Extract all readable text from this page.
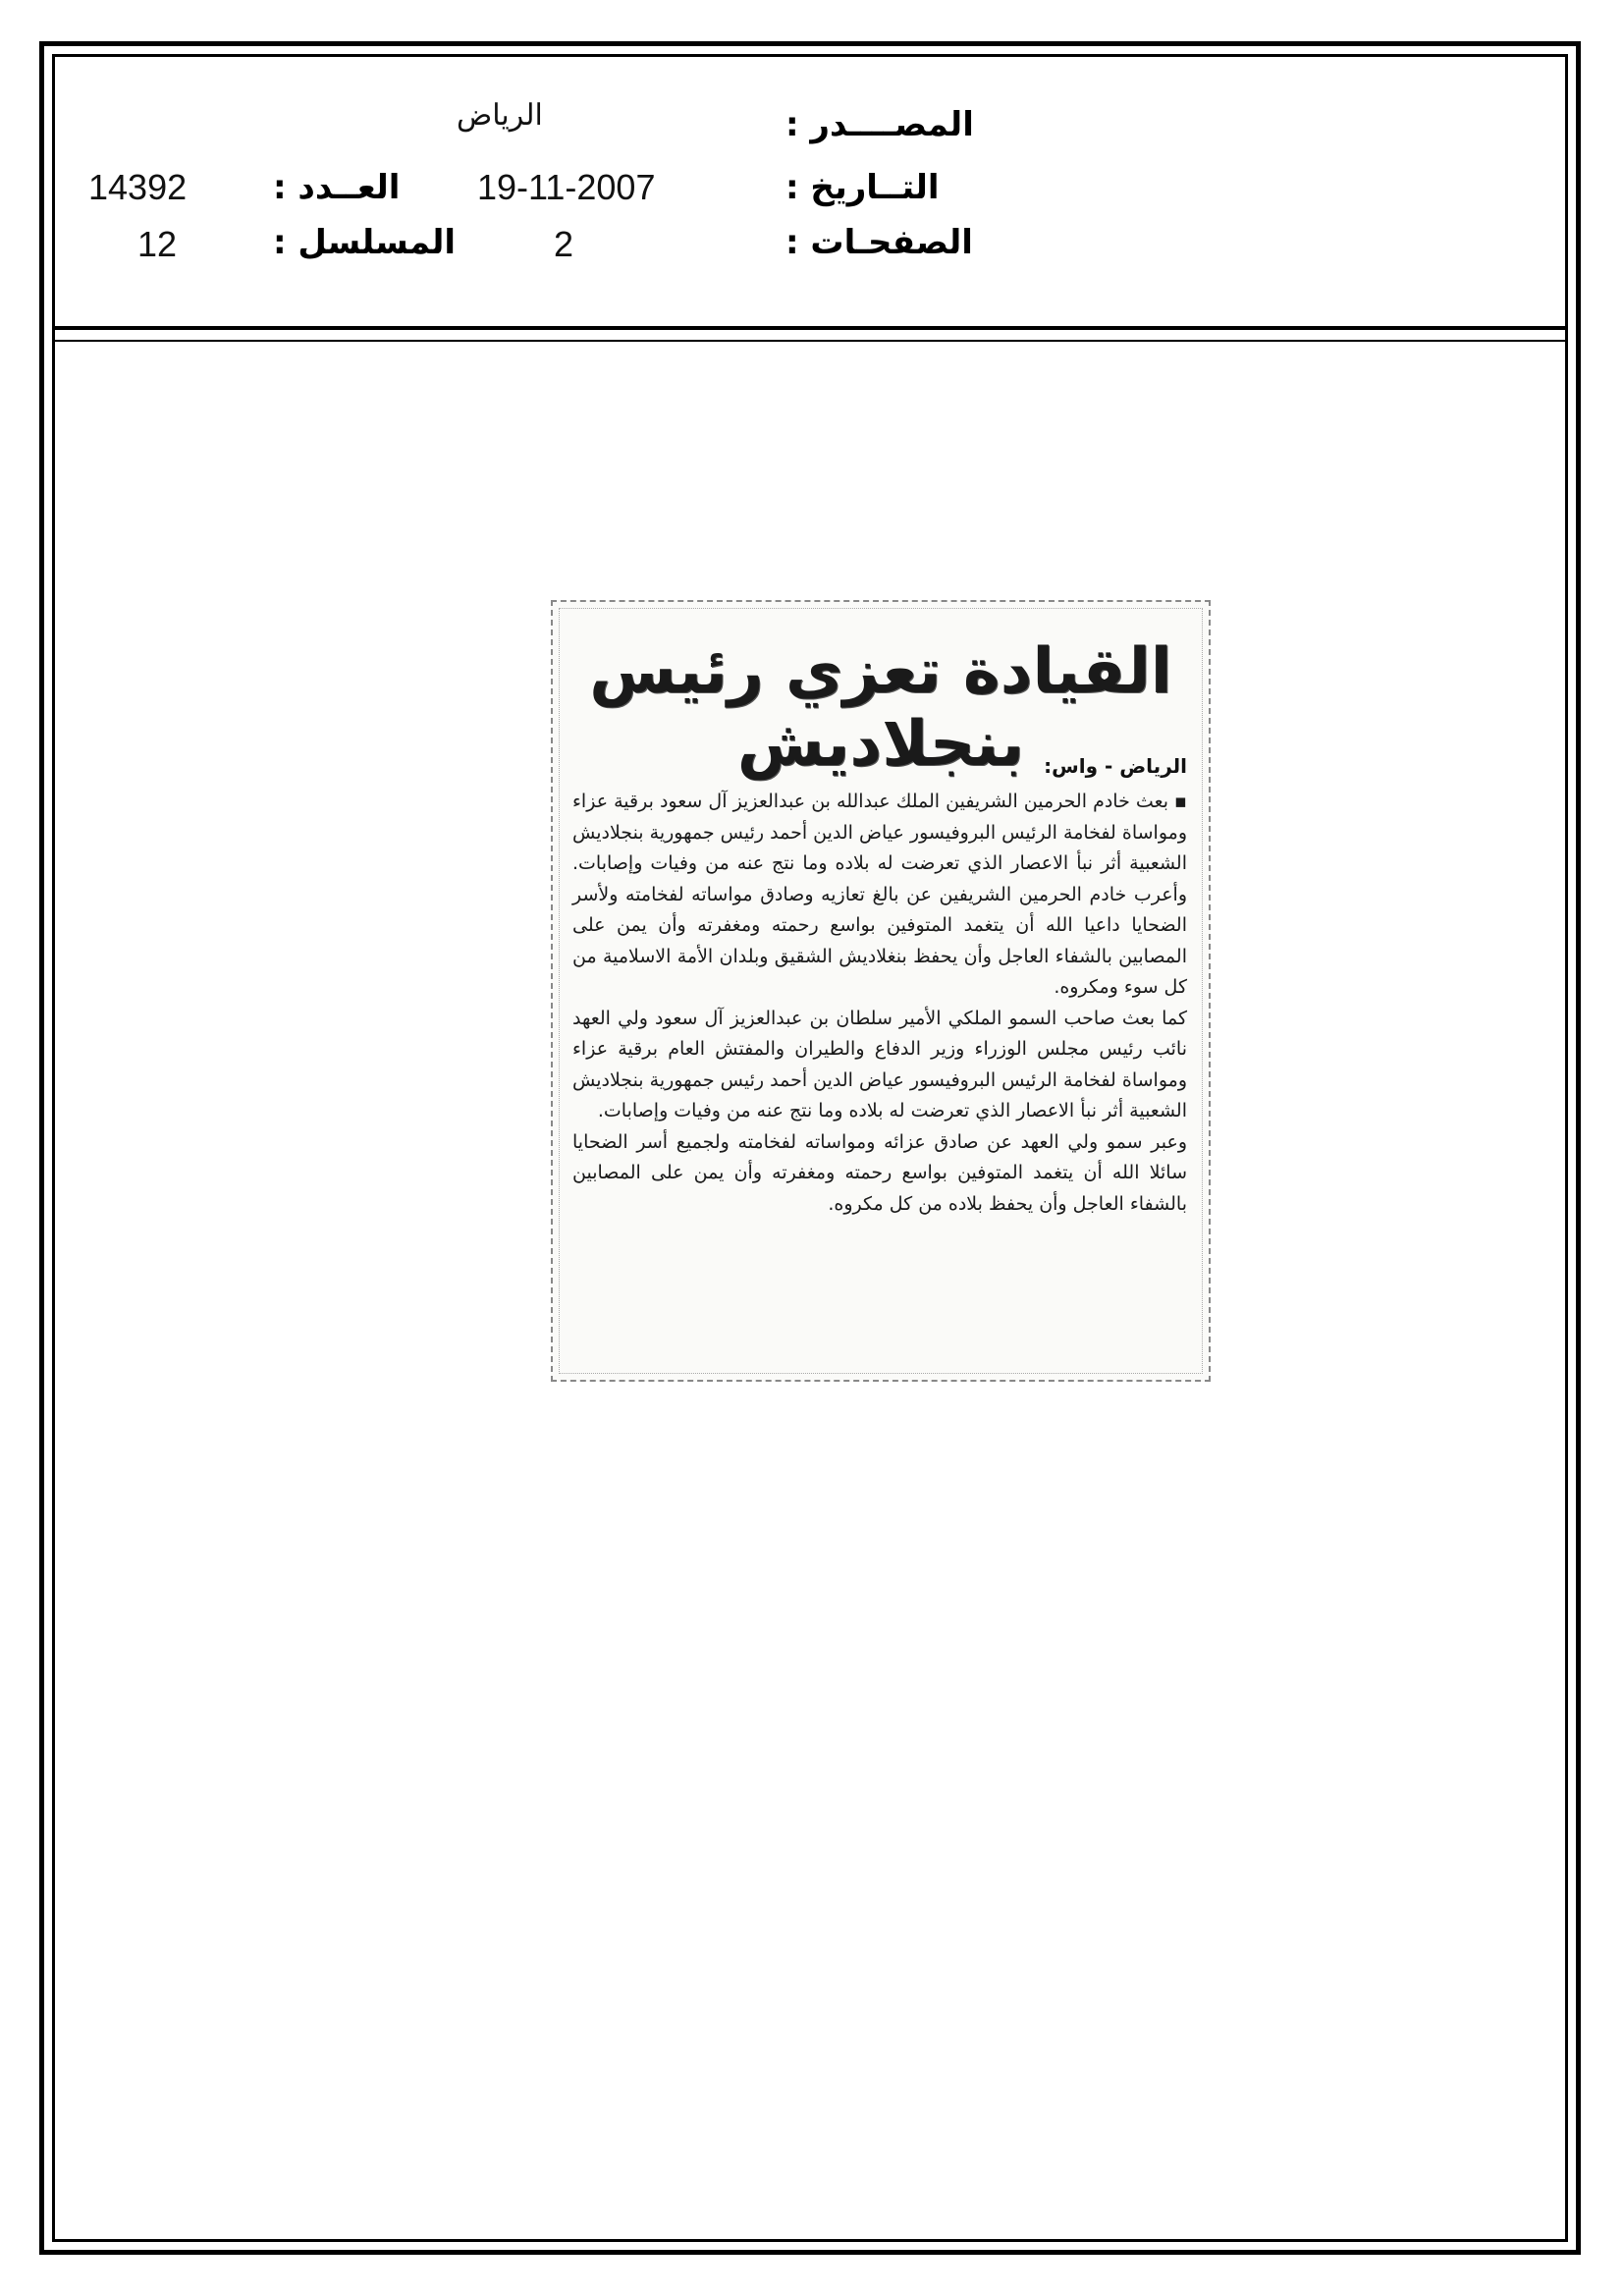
المصــــدر :
الرياض
التــاريخ :
19-11-2007
الصفحـات :
2
العــدد :
14392
المسلسل :
12
القيادة تعزي رئيس بنجلاديش	الرياض - واس:

▪ بعث خادم الحرمين الشريفين الملك عبدالله بن عبدالعزيز آل سعود برقية عزاء ومواساة لفخامة الرئيس البروفيسور عياض الدين أحمد رئيس جمهورية بنجلاديش الشعبية أثر نبأ الاعصار الذي تعرضت له بلاده وما نتج عنه من وفيات وإصابات. وأعرب خادم الحرمين الشريفين عن بالغ تعازيه وصادق مواساته لفخامته ولأسر الضحايا داعيا الله أن يتغمد المتوفين بواسع رحمته ومغفرته وأن يمن على المصابين بالشفاء العاجل وأن يحفظ بنغلاديش الشقيق وبلدان الأمة الاسلامية من كل سوء ومكروه.

كما بعث صاحب السمو الملكي الأمير سلطان بن عبدالعزيز آل سعود ولي العهد نائب رئيس مجلس الوزراء وزير الدفاع والطيران والمفتش العام برقية عزاء ومواساة لفخامة الرئيس البروفيسور عياض الدين أحمد رئيس جمهورية بنجلاديش الشعبية أثر نبأ الاعصار الذي تعرضت له بلاده وما نتج عنه من وفيات وإصابات.

وعبر سمو ولي العهد عن صادق عزائه ومواساته لفخامته ولجميع أسر الضحايا سائلا الله أن يتغمد المتوفين بواسع رحمته ومغفرته وأن يمن على المصابين بالشفاء العاجل وأن يحفظ بلاده من كل مكروه.
